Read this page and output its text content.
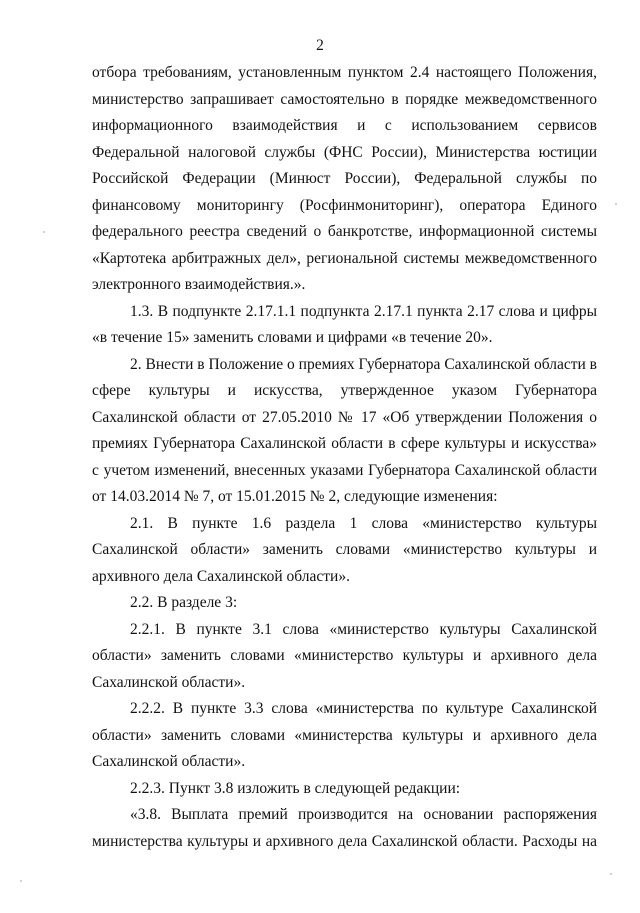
2

отбора требованиям, установленным пунктом 2.4 настоящего Положения, министерство запрашивает самостоятельно в порядке межведомственного информационного взаимодействия и с использованием сервисов Федеральной налоговой службы (ФНС России), Министерства юстиции Российской Федерации (Минюст России), Федеральной службы по финансовому мониторингу (Росфинмониторинг), оператора Единого федерального реестра сведений о банкротстве, информационной системы «Картотека арбитражных дел», региональной системы межведомственного электронного взаимодействия.».

1.3. В подпункте 2.17.1.1 подпункта 2.17.1 пункта 2.17 слова и цифры «в течение 15» заменить словами и цифрами «в течение 20».

2. Внести в Положение о премиях Губернатора Сахалинской области в сфере культуры и искусства, утвержденное указом Губернатора Сахалинской области от 27.05.2010 № 17 «Об утверждении Положения о премиях Губернатора Сахалинской области в сфере культуры и искусства» с учетом изменений, внесенных указами Губернатора Сахалинской области от 14.03.2014 № 7, от 15.01.2015 № 2, следующие изменения:

2.1. В пункте 1.6 раздела 1 слова «министерство культуры Сахалинской области» заменить словами «министерство культуры и архивного дела Сахалинской области».

2.2. В разделе 3:

2.2.1. В пункте 3.1 слова «министерство культуры Сахалинской области» заменить словами «министерство культуры и архивного дела Сахалинской области».

2.2.2. В пункте 3.3 слова «министерства по культуре Сахалинской области» заменить словами «министерства культуры и архивного дела Сахалинской области».

2.2.3. Пункт 3.8 изложить в следующей редакции:

«3.8. Выплата премий производится на основании распоряжения министерства культуры и архивного дела Сахалинской области. Расходы на
